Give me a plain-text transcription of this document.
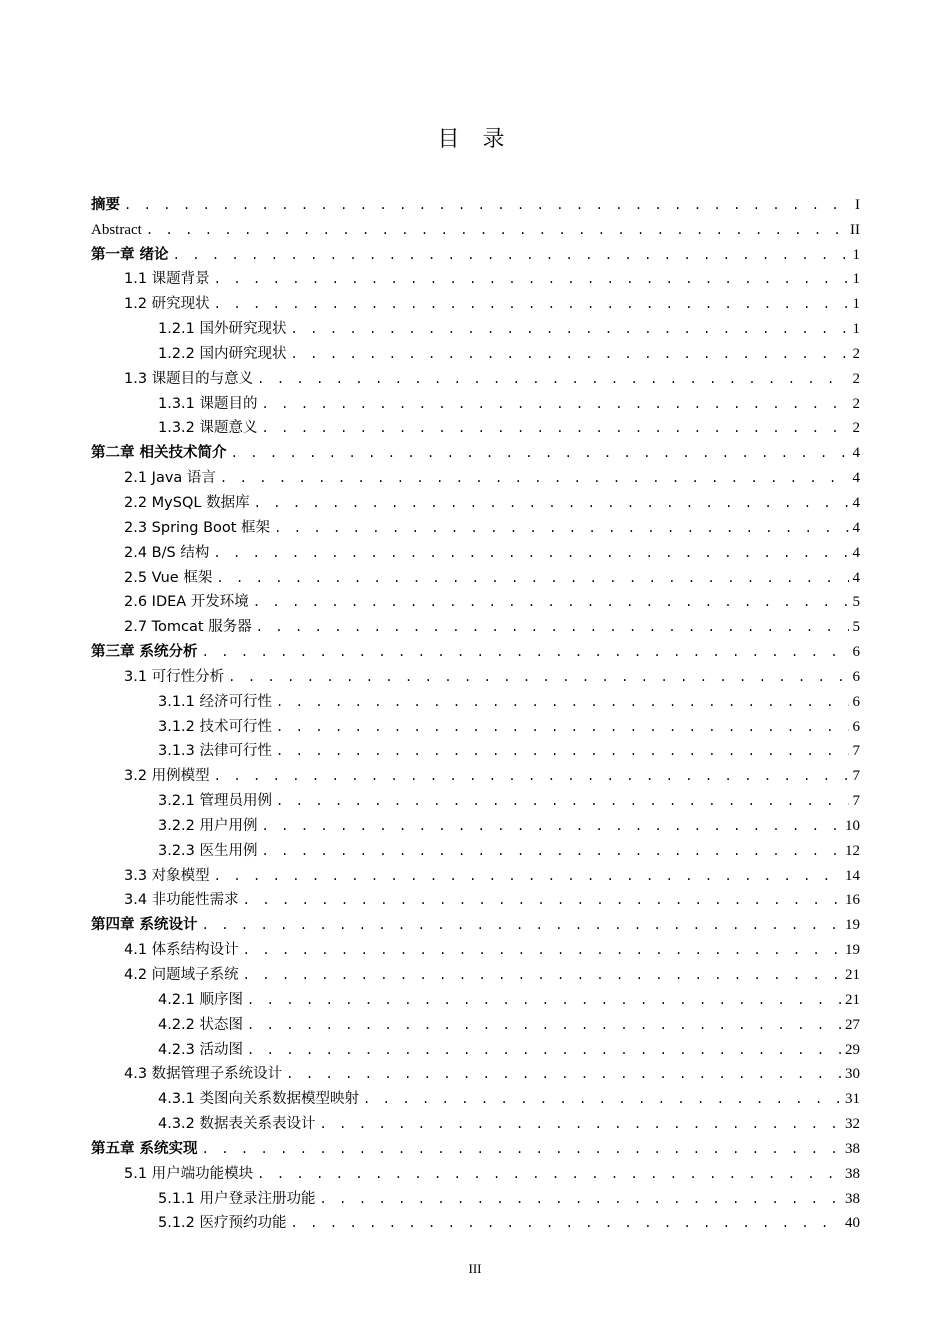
目 录
摘要 . . .	I
Abstract . . .	II
第一章 绪论 . . .	1
1.1 课题背景 . . .	1
1.2 研究现状 . . .	1
1.2.1 国外研究现状 . . .	1
1.2.2 国内研究现状 . . .	2
1.3 课题目的与意义 . . .	2
1.3.1 课题目的 . . .	2
1.3.2 课题意义 . . .	2
第二章 相关技术简介 . . .	4
2.1 Java 语言 . . .	4
2.2 MySQL 数据库 . . .	4
2.3 Spring Boot 框架 . . .	4
2.4 B/S 结构 . . .	4
2.5 Vue 框架 . . .	4
2.6 IDEA 开发环境 . . .	5
2.7 Tomcat 服务器 . . .	5
第三章 系统分析 . . .	6
3.1 可行性分析 . . .	6
3.1.1 经济可行性 . . .	6
3.1.2 技术可行性 . . .	6
3.1.3 法律可行性 . . .	7
3.2 用例模型 . . .	7
3.2.1 管理员用例 . . .	7
3.2.2 用户用例 . . .	10
3.2.3 医生用例 . . .	12
3.3 对象模型 . . .	14
3.4 非功能性需求 . . .	16
第四章 系统设计 . . .	19
4.1 体系结构设计 . . .	19
4.2 问题域子系统 . . .	21
4.2.1 顺序图 . . .	21
4.2.2 状态图 . . .	27
4.2.3 活动图 . . .	29
4.3 数据管理子系统设计 . . .	30
4.3.1 类图向关系数据模型映射 . . .	31
4.3.2 数据表关系表设计 . . .	32
第五章 系统实现 . . .	38
5.1 用户端功能模块 . . .	38
5.1.1 用户登录注册功能 . . .	38
5.1.2 医疗预约功能 . . .	40
III
